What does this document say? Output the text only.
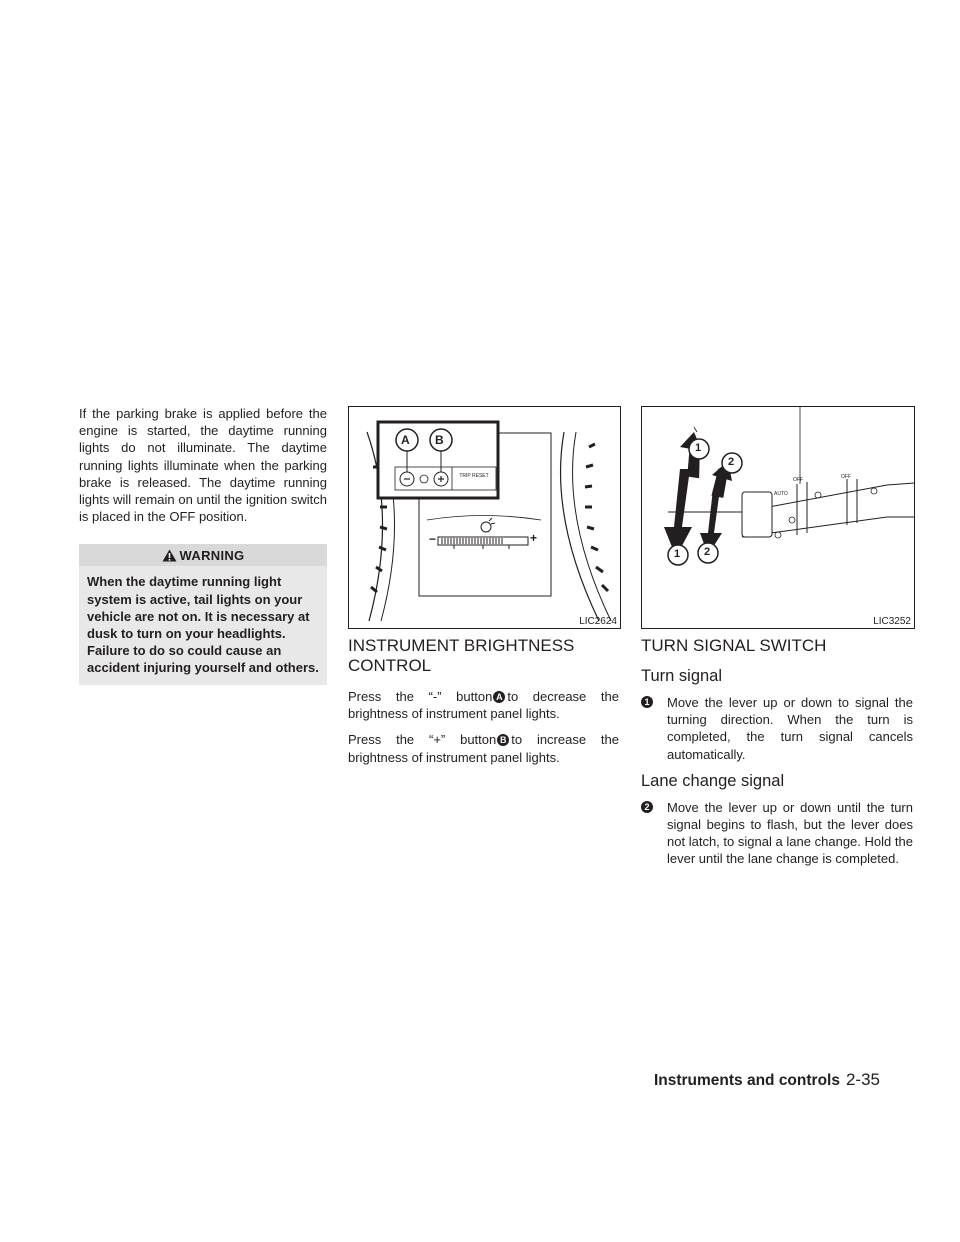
If the parking brake is applied before the engine is started, the daytime running lights do not illuminate. The daytime running lights illuminate when the parking brake is released. The daytime running lights will remain on until the ignition switch is placed in the OFF position.

WARNING
When the daytime running light system is active, tail lights on your vehicle are not on. It is necessary at dusk to turn on your headlights. Failure to do so could cause an accident injuring yourself and others.
A B
TRIP RESET
−	+
LIC2624
INSTRUMENT BRIGHTNESS CONTROL

Press the “-” button A to decrease the brightness of instrument panel lights.

Press the “+” button B to increase the brightness of instrument panel lights.

1
2
1 2
OFF	OFF
AUTO
LIC3252
TURN SIGNAL SWITCH
Turn signal
1 Move the lever up or down to signal the turning direction. When the turn is completed, the turn signal cancels automatically.
Lane change signal
2 Move the lever up or down until the turn signal begins to flash, but the lever does not latch, to signal a lane change. Hold the lever until the lane change is completed.
Instruments and controls 2-35
